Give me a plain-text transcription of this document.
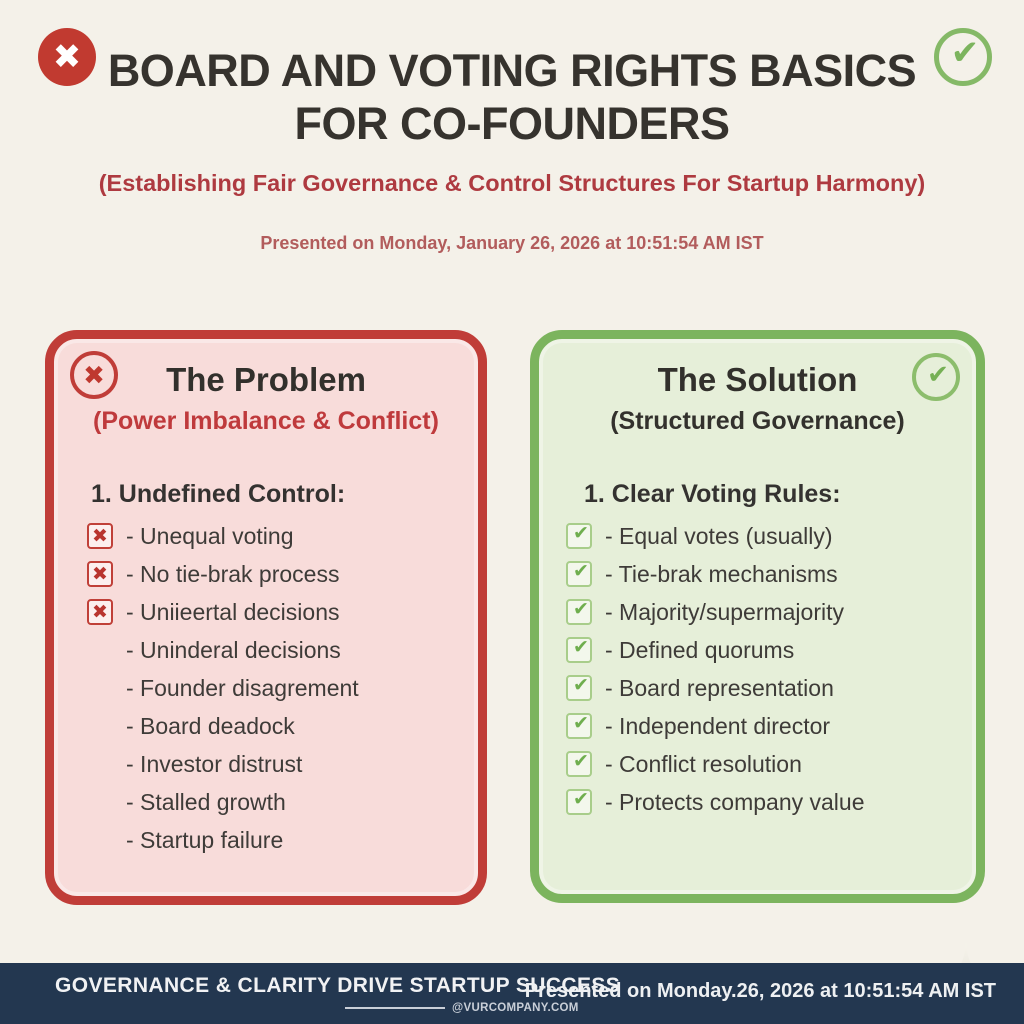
✖	✔
BOARD AND VOTING RIGHTS BASICS
FOR CO-FOUNDERS
(Establishing Fair Governance & Control Structures For Startup Harmony)
Presented on Monday, January 26, 2026 at 10:51:54 AM IST
✖	The Problem
(Power Imbalance & Conflict)
1. Undefined Control:
✖ - Unequal voting
✖ - No tie-brak process
✖ - Uniieertal decisions
- Uninderal decisions
- Founder disagrement
- Board deadock
- Investor distrust
- Stalled growth
- Startup failure
✔
The Solution
(Structured Governance)
1. Clear Voting Rules:
✔ - Equal votes (usually)
✔ - Tie-brak mechanisms
✔ - Majority/supermajority
✔ - Defined quorums
✔ - Board representation
✔ - Independent director
✔ - Conflict resolution
✔ - Protects company value
GOVERNANCE & CLARITY DRIVE STARTUP SUCCESS
@VURCOMPANY.COM
Presented on Monday.26, 2026 at 10:51:54 AM IST
